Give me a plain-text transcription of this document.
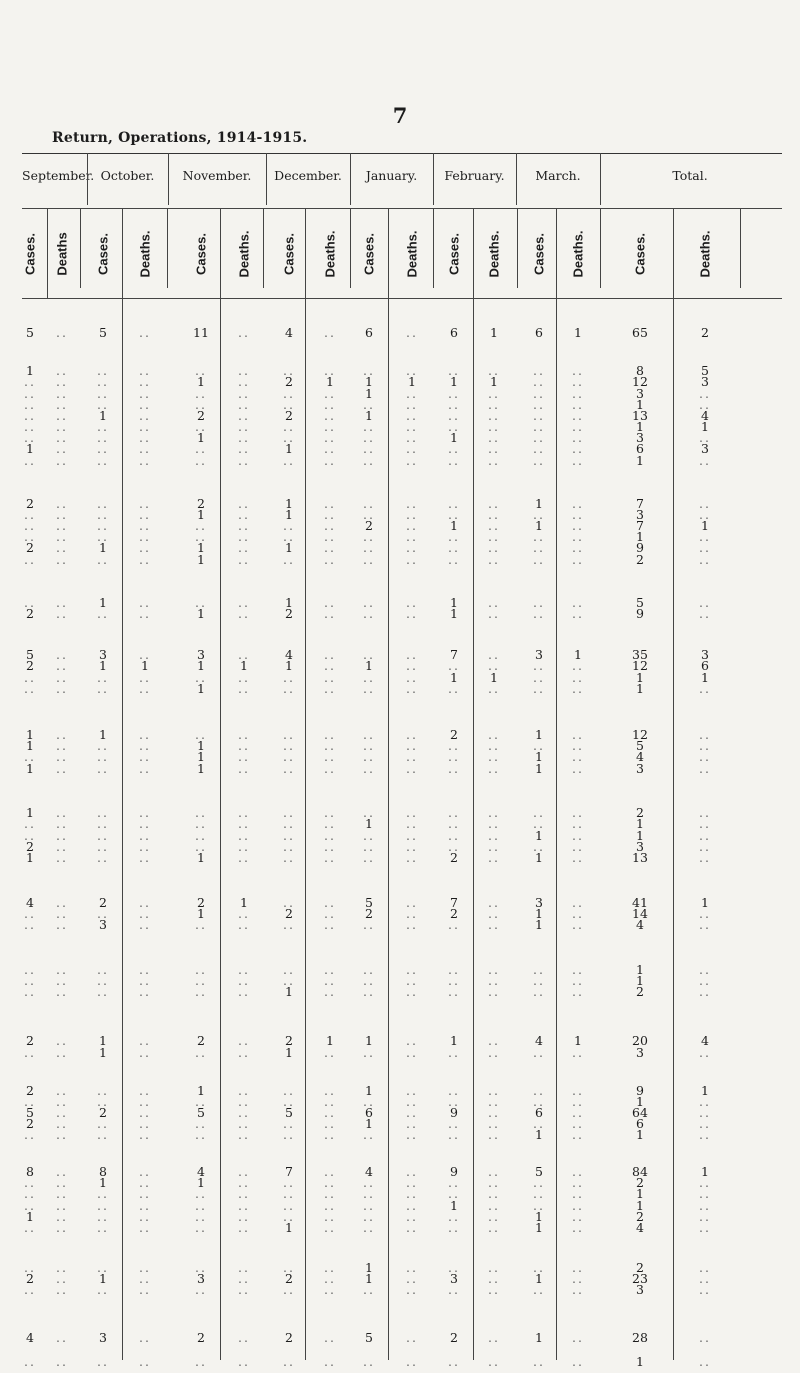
7
Return, Operations, 1914-1915.
September. October.	November.	December.	January.	February.	March.	Total.
Cases. Deaths Cases. Deaths.	Cases. Deaths. Cases. Deaths. Cases. Deaths. Cases. Deaths. Cases. Deaths.	Cases.	Deaths.
5	..	5	..	11	..	4	..	6	..	6	1	6	1	65	2
1	..	..	..	..	..	..	..	..	..	..	..	..	..	8	5
..	..	..	..	1	..	2	1	1	1	1	1	..	..	12	3
..	..	..	..	..	..	..	..	1	..	..	..	..	..	3	..
..	..	..	..	..	..	..	..	..	..	..	..	..	..	1	..
..	..	1	..	2	..	2	..	1	..	..	..	..	..	13	4
..	..	..	..	..	..	..	..	..	..	..	..	..	..	1	1
..	..	..	..	1	..	..	..	..	..	1	..	..	..	3	..
1	..	..	..	..	..	1	..	..	..	..	..	..	..	6	3
..	..	..	..	..	..	..	..	..	..	..	..	..	..	1	..
2	..	..	..	2	..	1	..	..	..	..	..	1	..	7	..
..	..	..	..	1	..	1	..	..	..	..	..	..	..	3	..
..	..	..	..	..	..	..	..	2	..	1	..	1	..	7	1
..	..	..	..	..	..	..	..	..	..	..	..	..	..	1	..
2	..	1	..	1	..	1	..	..	..	..	..	..	..	9	..
..	..	..	..	1	..	..	..	..	..	..	..	..	..	2	..
..	..	1	..	..	..	1	..	..	..	1	..	..	..	5	..
2	..	..	..	1	..	2	..	..	..	1	..	..	..	9	..
5	..	3	..	3	..	4	..	..	..	7	..	3	1	35	3
2	..	1	1	1	1	1	..	1	..	..	..	..	..	12	6
..	..	..	..	..	..	..	..	..	..	1	1	..	..	1	1
..	..	..	..	1	..	..	..	..	..	..	..	..	..	1	..
1	..	1	..	..	..	..	..	..	..	2	..	1	..	12	..
1	..	..	..	1	..	..	..	..	..	..	..	..	..	5	..
..	..	..	..	1	..	..	..	..	..	..	..	1	..	4	..
1	..	..	..	1	..	..	..	..	..	..	..	1	..	3	..
1	..	..	..	..	..	..	..	..	..	..	..	..	..	2	..
..	..	..	..	..	..	..	..	1	..	..	..	..	..	1	..
..	..	..	..	..	..	..	..	..	..	..	..	1	..	1	..
2	..	..	..	..	..	..	..	..	..	..	..	..	..	3	..
1	..	..	..	1	..	..	..	..	..	2	..	1	..	13	..
4	..	2	..	2	1	..	..	5	..	7	..	3	..	41	1
..	..	..	..	1	..	2	..	2	..	2	..	1	..	14	..
..	..	3	..	..	..	..	..	..	..	..	..	1	..	4	..
..	..	..	..	..	..	..	..	..	..	..	..	..	..	1	..
..	..	..	..	..	..	..	..	..	..	..	..	..	..	1	..
..	..	..	..	..	..	1	..	..	..	..	..	..	..	2	..
2	..	1	..	2	..	2	1	1	..	1	..	4	1	20	4
..	..	1	..	..	..	1	..	..	..	..	..	..	..	3	..
2	..	..	..	1	..	..	..	1	..	..	..	..	..	9	1
..	..	..	..	..	..	..	..	..	..	..	..	..	..	1	..
5	..	2	..	5	..	5	..	6	..	9	..	6	..	64	..
2	..	..	..	..	..	..	..	1	..	..	..	..	..	6	..
..	..	..	..	..	..	..	..	..	..	..	..	1	..	1	..
8	..	8	..	4	..	7	..	4	..	9	..	5	..	84	1
..	..	1	..	1	..	..	..	..	..	..	..	..	..	2	..
..	..	..	..	..	..	..	..	..	..	..	..	..	..	1	..
..	..	..	..	..	..	..	..	..	..	1	..	..	..	1	..
1	..	..	..	..	..	..	..	..	..	..	..	1	..	2	..
..	..	..	..	..	..	1	..	..	..	..	..	1	..	4	..
..	..	..	..	..	..	..	..	1	..	..	..	..	..	2	..
2	..	1	..	3	..	2	..	1	..	3	..	1	..	23	..
..	..	..	..	..	..	..	..	..	..	..	..	..	..	3	..
4	..	3	..	2	..	2	..	5	..	2	..	1	..	28	..
..	..	..	..	..	..	..	..	..	..	..	..	..	..	1	..
